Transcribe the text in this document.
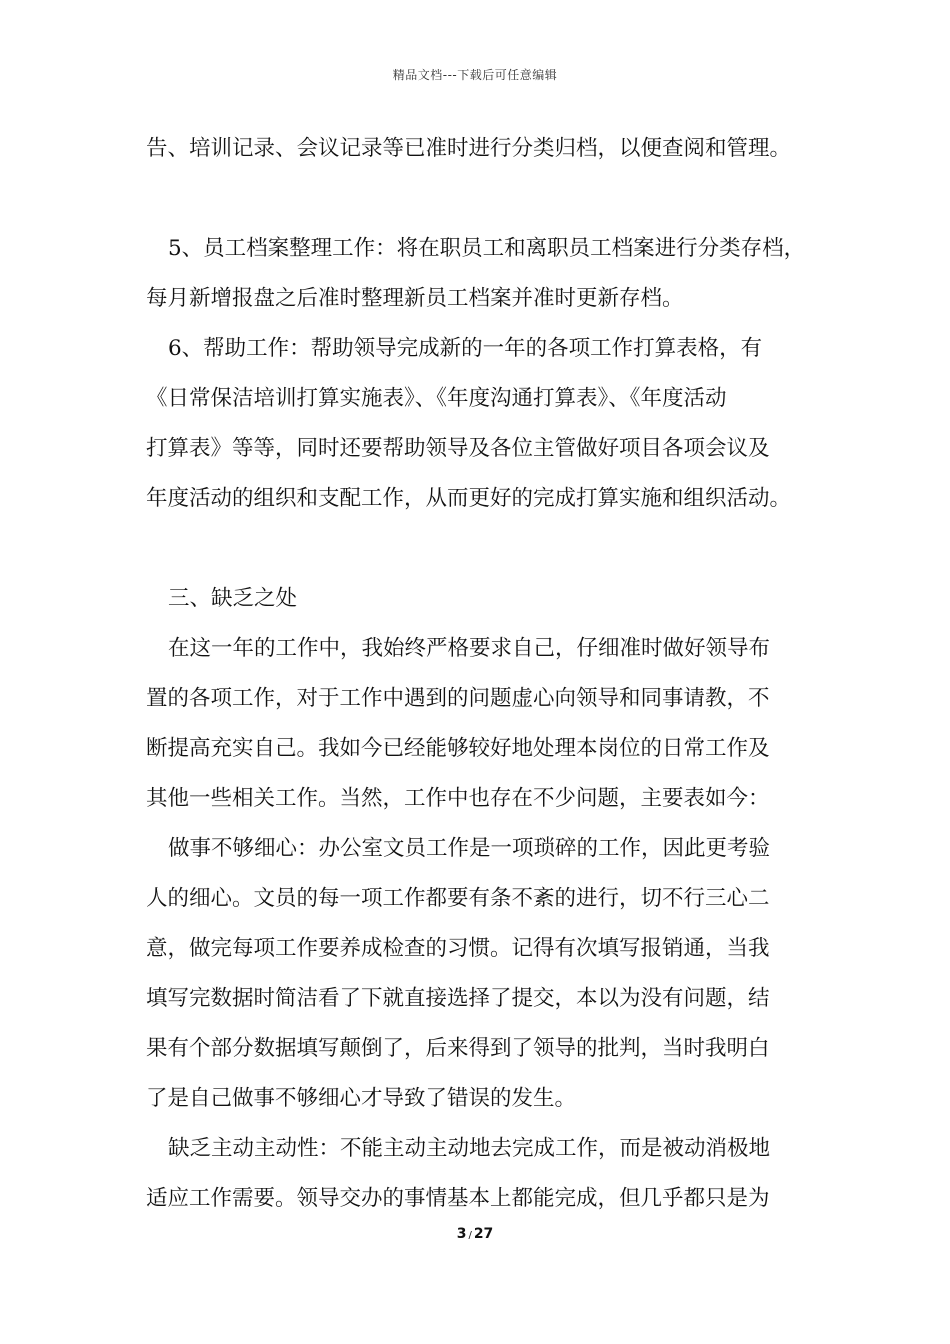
精品文档---下载后可任意编辑
告、培训记录、会议记录等已准时进行分类归档，以便查阅和管理。
5、员工档案整理工作：将在职员工和离职员工档案进行分类存档，
每月新增报盘之后准时整理新员工档案并准时更新存档。
6、帮助工作：帮助领导完成新的一年的各项工作打算表格，有
《日常保洁培训打算实施表》、《年度沟通打算表》、《年度活动
打算表》等等，同时还要帮助领导及各位主管做好项目各项会议及
年度活动的组织和支配工作，从而更好的完成打算实施和组织活动。
三、缺乏之处
在这一年的工作中，我始终严格要求自己，仔细准时做好领导布
置的各项工作，对于工作中遇到的问题虚心向领导和同事请教，不
断提高充实自己。我如今已经能够较好地处理本岗位的日常工作及
其他一些相关工作。当然，工作中也存在不少问题，主要表如今：
做事不够细心：办公室文员工作是一项琐碎的工作，因此更考验
人的细心。文员的每一项工作都要有条不紊的进行，切不行三心二
意，做完每项工作要养成检查的习惯。记得有次填写报销通，当我
填写完数据时简洁看了下就直接选择了提交，本以为没有问题，结
果有个部分数据填写颠倒了，后来得到了领导的批判，当时我明白
了是自己做事不够细心才导致了错误的发生。
缺乏主动主动性：不能主动主动地去完成工作，而是被动消极地
适应工作需要。领导交办的事情基本上都能完成，但几乎都只是为
3 / 27
